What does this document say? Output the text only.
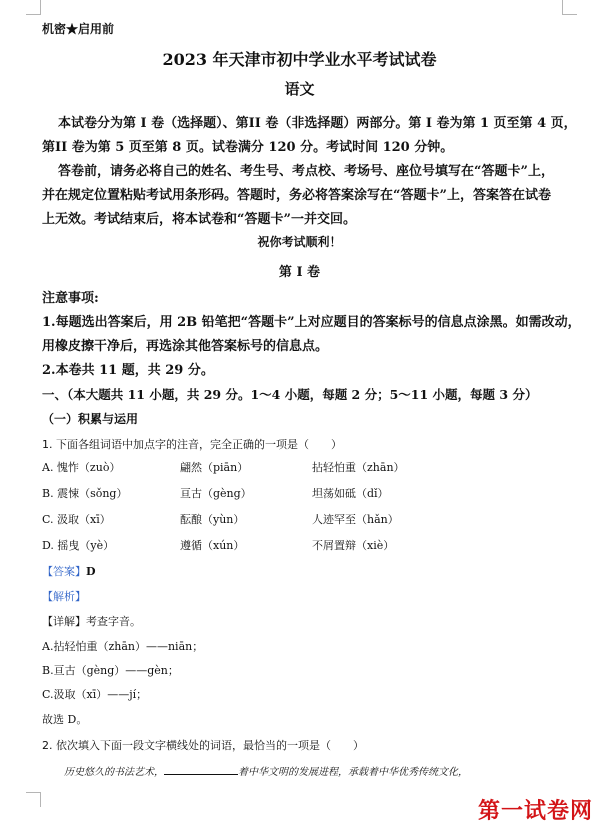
机密★启用前
2023 年天津市初中学业水平考试试卷
语文
本试卷分为第 I 卷（选择题）、第II 卷（非选择题）两部分。第 I 卷为第 1 页至第 4 页，
第II 卷为第 5 页至第 8 页。试卷满分 120 分。考试时间 120 分钟。
答卷前，请务必将自己的姓名、考生号、考点校、考场号、座位号填写在“答题卡”上，
并在规定位置粘贴考试用条形码。答题时，务必将答案涂写在“答题卡”上，答案答在试卷
上无效。考试结束后，将本试卷和“答题卡”一并交回。
祝你考试顺利！
第 I 卷
注意事项:
1.每题选出答案后，用 2B 铅笔把“答题卡”上对应题目的答案标号的信息点涂黑。如需改动，
用橡皮擦干净后，再选涂其他答案标号的信息点。
2.本卷共 11 题，共 29 分。
一、（本大题共 11 小题，共 29 分。1～4 小题，每题 2 分；5～11 小题，每题 3 分）
（一）积累与运用
1. 下面各组词语中加点字的注音，完全正确的一项是（　　）
A. 愧怍（zuò）	翩然（piān）	拈轻怕重（zhān）
B. 震悚（sǒng）	亘古（gèng）	坦荡如砥（dǐ）
C. 汲取（xī）	酝酿（yùn）	人迹罕至（hǎn）
D. 摇曳（yè）	遵循（xún）	不屑置辩（xiè）
【答案】D
【解析】
【详解】考查字音。
A.拈轻怕重（zhān）——niān；
B.亘古（gèng）——gèn；
C.汲取（xī）——jí；
故选 D。
2. 依次填入下面一段文字横线处的词语，最恰当的一项是（　　）
历史悠久的书法艺术，	着中华文明的发展进程，承载着中华优秀传统文化，
第一试卷网
